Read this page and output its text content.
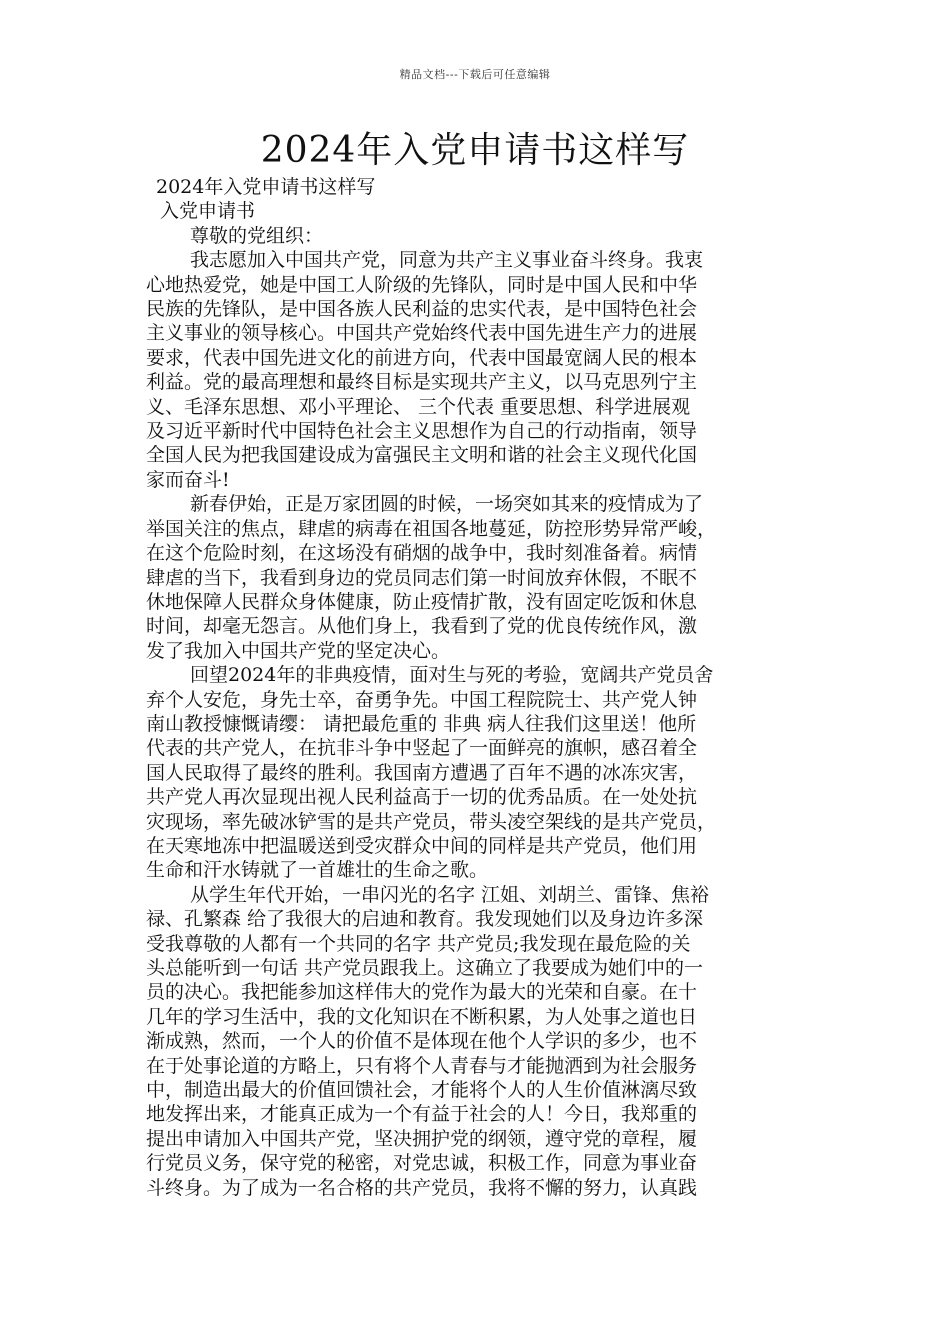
精品文档---下载后可任意编辑
2024年入党申请书这样写
2024年入党申请书这样写
入党申请书
尊敬的党组织：
我志愿加入中国共产党，同意为共产主义事业奋斗终身。我衷
心地热爱党，她是中国工人阶级的先锋队，同时是中国人民和中华
民族的先锋队，是中国各族人民利益的忠实代表，是中国特色社会
主义事业的领导核心。中国共产党始终代表中国先进生产力的进展
要求，代表中国先进文化的前进方向，代表中国最宽阔人民的根本
利益。党的最高理想和最终目标是实现共产主义，以马克思列宁主
义、毛泽东思想、邓小平理论、 三个代表 重要思想、科学进展观
及习近平新时代中国特色社会主义思想作为自己的行动指南，领导
全国人民为把我国建设成为富强民主文明和谐的社会主义现代化国
家而奋斗!
新春伊始，正是万家团圆的时候，一场突如其来的疫情成为了
举国关注的焦点，肆虐的病毒在祖国各地蔓延，防控形势异常严峻，
在这个危险时刻，在这场没有硝烟的战争中，我时刻准备着。病情
肆虐的当下，我看到身边的党员同志们第一时间放弃休假，不眠不
休地保障人民群众身体健康，防止疫情扩散，没有固定吃饭和休息
时间，却毫无怨言。从他们身上，我看到了党的优良传统作风，激
发了我加入中国共产党的坚定决心。
回望2024年的非典疫情，面对生与死的考验，宽阔共产党员舍
弃个人安危，身先士卒，奋勇争先。中国工程院院士、共产党人钟
南山教授慷慨请缨： 请把最危重的 非典 病人往我们这里送！他所
代表的共产党人，在抗非斗争中竖起了一面鲜亮的旗帜，感召着全
国人民取得了最终的胜利。我国南方遭遇了百年不遇的冰冻灾害，
共产党人再次显现出视人民利益高于一切的优秀品质。在一处处抗
灾现场，率先破冰铲雪的是共产党员，带头凌空架线的是共产党员，
在天寒地冻中把温暖送到受灾群众中间的同样是共产党员，他们用
生命和汗水铸就了一首雄壮的生命之歌。
从学生年代开始，一串闪光的名字 江姐、刘胡兰、雷锋、焦裕
禄、孔繁森 给了我很大的启迪和教育。我发现她们以及身边许多深
受我尊敬的人都有一个共同的名字 共产党员;我发现在最危险的关
头总能听到一句话 共产党员跟我上。这确立了我要成为她们中的一
员的决心。我把能参加这样伟大的党作为最大的光荣和自豪。在十
几年的学习生活中，我的文化知识在不断积累，为人处事之道也日
渐成熟，然而，一个人的价值不是体现在他个人学识的多少，也不
在于处事论道的方略上，只有将个人青春与才能抛洒到为社会服务
中，制造出最大的价值回馈社会，才能将个人的人生价值淋漓尽致
地发挥出来，才能真正成为一个有益于社会的人！今日，我郑重的
提出申请加入中国共产党，坚决拥护党的纲领，遵守党的章程，履
行党员义务，保守党的秘密，对党忠诚，积极工作，同意为事业奋
斗终身。为了成为一名合格的共产党员，我将不懈的努力，认真践
